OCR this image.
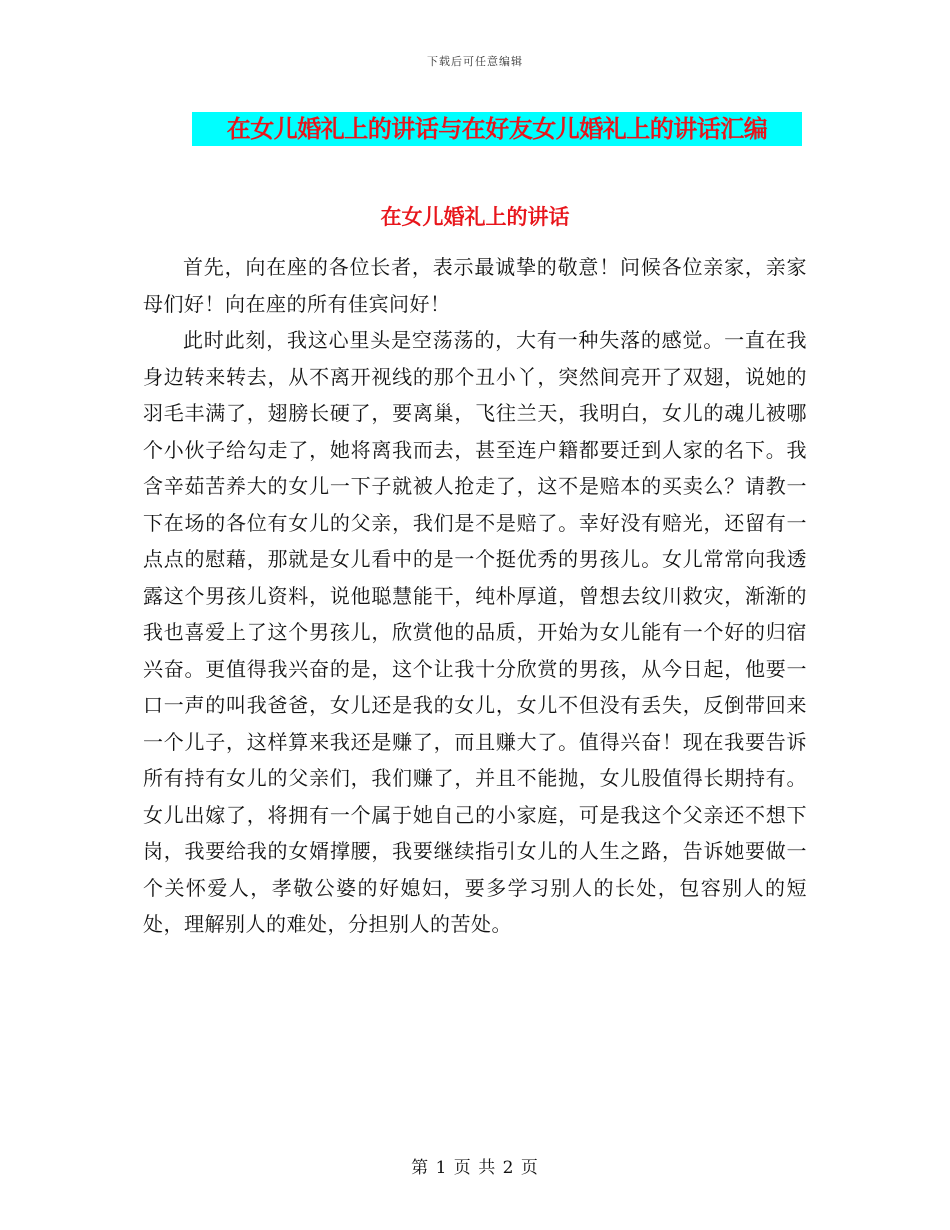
下载后可任意编辑
在女儿婚礼上的讲话与在好友女儿婚礼上的讲话汇编
在女儿婚礼上的讲话

首先，向在座的各位长者，表示最诚挚的敬意！问候各位亲家，亲家母们好！向在座的所有佳宾问好！

此时此刻，我这心里头是空荡荡的，大有一种失落的感觉。一直在我身边转来转去，从不离开视线的那个丑小丫，突然间亮开了双翅，说她的羽毛丰满了，翅膀长硬了，要离巢，飞往兰天，我明白，女儿的魂儿被哪个小伙子给勾走了，她将离我而去，甚至连户籍都要迁到人家的名下。我含辛茹苦养大的女儿一下子就被人抢走了，这不是赔本的买卖么？请教一下在场的各位有女儿的父亲，我们是不是赔了。幸好没有赔光，还留有一点点的慰藉，那就是女儿看中的是一个挺优秀的男孩儿。女儿常常向我透露这个男孩儿资料，说他聪慧能干，纯朴厚道，曾想去纹川救灾，渐渐的我也喜爱上了这个男孩儿，欣赏他的品质，开始为女儿能有一个好的归宿兴奋。更值得我兴奋的是，这个让我十分欣赏的男孩，从今日起，他要一口一声的叫我爸爸，女儿还是我的女儿，女儿不但没有丢失，反倒带回来一个儿子，这样算来我还是赚了，而且赚大了。值得兴奋！现在我要告诉所有持有女儿的父亲们，我们赚了，并且不能抛，女儿股值得长期持有。女儿出嫁了，将拥有一个属于她自己的小家庭，可是我这个父亲还不想下岗，我要给我的女婿撑腰，我要继续指引女儿的人生之路，告诉她要做一个关怀爱人，孝敬公婆的好媳妇，要多学习别人的长处，包容别人的短处，理解别人的难处，分担别人的苦处。

第 1 页 共 2 页
